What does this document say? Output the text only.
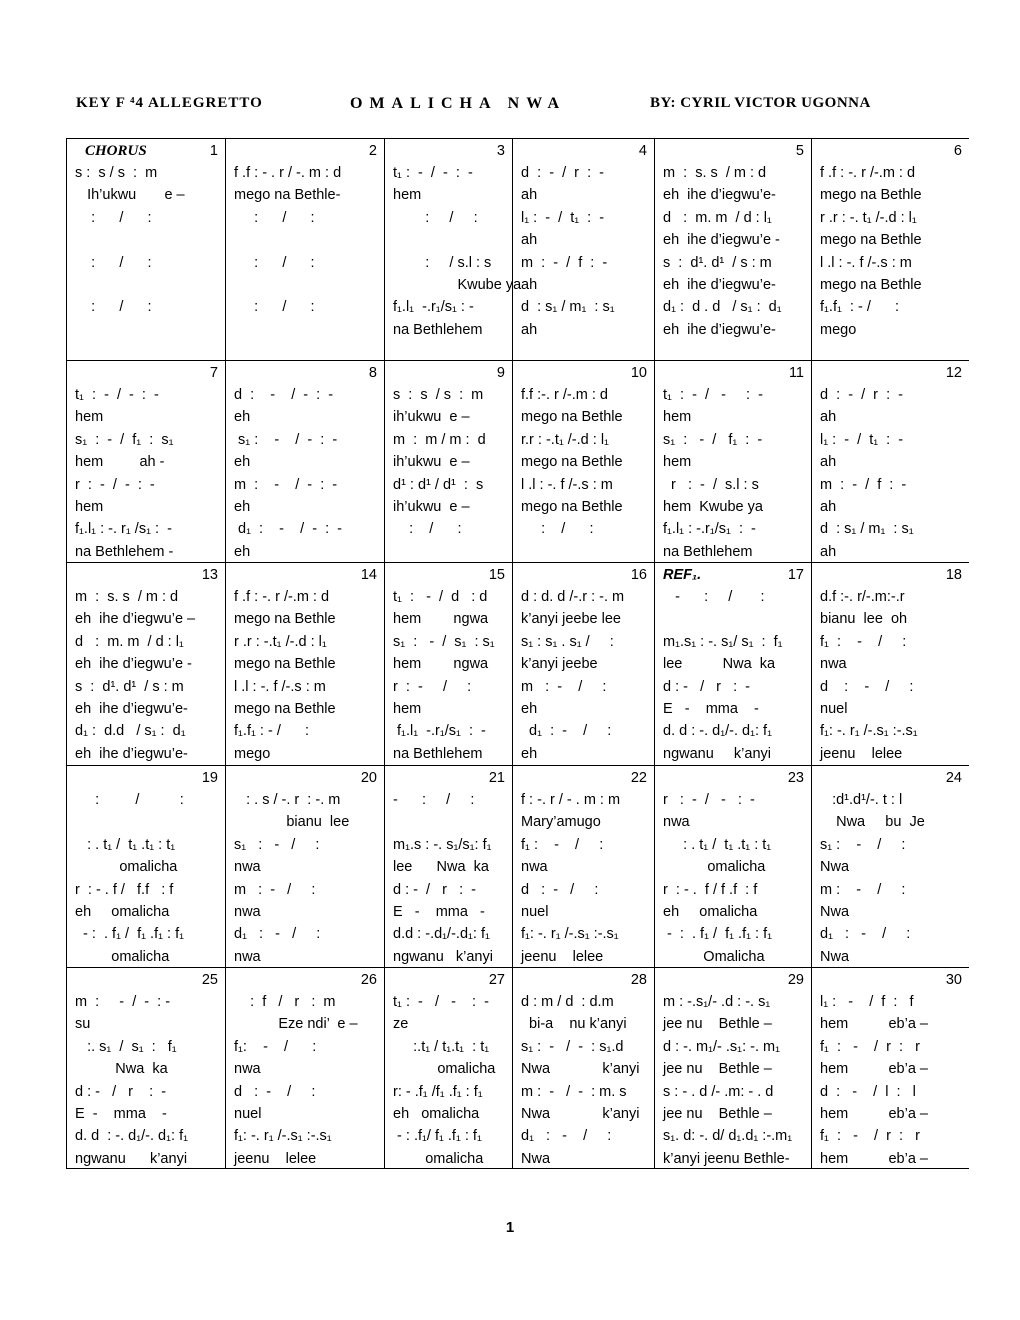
KEY F ⁴4 ALLEGRETTO	OMALICHA NWA	BY: CYRIL VICTOR UGONNA
CHORUS	1
s :  s / s  :  m
Ih’ukwu       e –
:      /      :
:      /      :
:      /      :
2
f .f : - . r / -. m : d
mego na Bethle-
:      /      :
:      /      :
:      /      :
3
t₁ :  -  /  -  :  -
hem
:     /     :
:     / s.l : s
Kwube ya
f₁.l₁  -.r₁/s₁ : -
na Bethlehem
4
d  :  -  /  r  :  -
ah
l₁ :  -  /  t₁  :  -
ah
m  :  -  /  f  :  -
ah
d  : s₁ / m₁  : s₁
ah
5
m  :  s. s  / m : d
eh  ihe d’iegwu’e-
d   :  m. m  / d : l₁
eh  ihe d’iegwu’e -
s  :  d¹. d¹  / s : m
eh  ihe d’iegwu’e-
d₁ :  d . d   / s₁ :  d₁
eh  ihe d’iegwu’e-
6
f .f : -. r /-.m : d
mego na Bethle
r .r : -. t₁ /-.d : l₁
mego na Bethle
l .l : -. f /-.s : m
mego na Bethle
f₁.f₁  : - /      :
mego
7
t₁  :  -  /  -  :  -
hem
s₁  :  -  /  f₁  :  s₁
hem         ah -
r  :  -  /  -  :  -
hem
f₁.l₁ : -. r₁ /s₁ :  -
na Bethlehem -
8
d  :    -    /  -  :  -
eh
s₁ :    -    /  -  :  -
eh
m  :    -    /  -  :  -
eh
d₁  :    -    /  -  :  -
eh
9
s  :  s  / s  :  m
ih’ukwu  e –
m  :  m / m :  d
ih’ukwu  e –
d¹ : d¹ / d¹  :  s
ih’ukwu  e –
:    /      :
10
f.f :-. r /-.m : d
mego na Bethle
r.r : -.t₁ /-.d : l₁
mego na Bethle
l .l : -. f /-.s : m
mego na Bethle
:    /      :
11
t₁  :  -  /   -     :  -
hem
s₁  :   -  /   f₁  :  -
hem
r   :  -  /  s.l : s
hem  Kwube ya
f₁.l₁ : -.r₁/s₁  :  -
na Bethlehem
12
d  :  -  /  r  :  -
ah
l₁ :  -  /  t₁  :  -
ah
m  :  -  /  f  :  -
ah
d  : s₁ / m₁  : s₁
ah
13
m  :  s. s  / m : d
eh  ihe d’iegwu’e –
d   :  m. m  / d : l₁
eh  ihe d’iegwu’e -
s  :  d¹. d¹  / s : m
eh  ihe d’iegwu’e-
d₁ :  d.d   / s₁ :  d₁
eh  ihe d’iegwu’e-
14
f .f : -. r /-.m : d
mego na Bethle
r .r : -.t₁ /-.d : l₁
mego na Bethle
l .l : -. f /-.s : m
mego na Bethle
f₁.f₁ : - /      :
mego
15
t₁  :   -  /  d   : d
hem        ngwa
s₁  :   -  /  s₁  : s₁
hem        ngwa
r  :  -     /     :
hem
f₁.l₁  -.r₁/s₁  :  -
na Bethlehem
16
d : d. d /-.r : -. m
k’anyi jeebe lee
s₁ : s₁ . s₁ /     :
k’anyi jeebe
m   :  -    /     :
eh
d₁  :  -    /     :
eh
REF₁.	17
-      :     /       :
m₁.s₁ : -. s₁/ s₁  :  f₁
lee          Nwa  ka
d : -   /   r   :  -
E   -    mma    -
d. d : -. d₁/-. d₁: f₁
ngwanu     k’anyi
18
d.f :-. r/-.m:-.r
bianu  lee  oh
f₁  :    -    /     :
nwa
d    :    -    /     :
nuel
f₁: -. r₁ /-.s₁ :-.s₁
jeenu    lelee
19
:         /          :
: . t₁ /  t₁ .t₁ : t₁
omalicha
r  : - . f /   f.f   : f
eh     omalicha
- :  . f₁ /  f₁ .f₁ : f₁
omalicha
20
: . s / -. r  : -. m
bianu  lee
s₁   :   -   /     :
nwa
m   :  -   /     :
nwa
d₁   :   -   /     :
nwa
21
-      :     /     :
m₁.s : -. s₁/s₁: f₁
lee      Nwa  ka
d : -  /   r   :  -
E   -    mma   -
d.d : -.d₁/-.d₁: f₁
ngwanu   k’anyi
22
f : -. r / - . m : m
Mary’amugo
f₁ :    -    /     :
nwa
d   :  -   /     :
nuel
f₁: -. r₁ /-.s₁ :-.s₁
jeenu    lelee
23
r   :  -  /   -   :  -
nwa
: . t₁ /  t₁ .t₁ : t₁
omalicha
r  : - .  f / f .f  : f
eh     omalicha
-  :  . f₁ /  f₁ .f₁ : f₁
Omalicha
24
:d¹.d¹/-. t : l
Nwa     bu  Je
s₁ :    -    /     :
Nwa
m :    -    /     :
Nwa
d₁   :   -    /     :
Nwa
25
m  :     -  /  -  : -
su
:. s₁  /  s₁  :   f₁
Nwa  ka
d : -   /   r    :  -
E  -    mma    -
d. d  : -. d₁/-. d₁: f₁
ngwanu      k’anyi
26
:  f   /   r   :  m
Eze ndi’  e –
f₁:    -    /      :
nwa
d   :  -    /     :
nuel
f₁: -. r₁ /-.s₁ :-.s₁
jeenu    lelee
27
t₁ :  -   /   -    :  -
ze
:.t₁ / t₁.t₁  : t₁
omalicha
r: - .f₁ /f₁ .f₁ : f₁
eh   omalicha
- : .f₁/ f₁ .f₁ : f₁
omalicha
28
d : m / d  : d.m
bi-a    nu k’anyi
s₁ :  -   /  -  : s₁.d
Nwa             k’anyi
m :  -   /  -  : m. s
Nwa             k’anyi
d₁   :   -    /     :
Nwa
29
m : -.s₁/- .d : -. s₁
jee nu    Bethle –
d : -. m₁/- .s₁: -. m₁
jee nu    Bethle –
s : - . d /- .m: - . d
jee nu    Bethle –
s₁. d: -. d/ d₁.d₁ :-.m₁
k’anyi jeenu Bethle-
30
l₁ :   -    /  f  :   f
hem          eb’a –
f₁  :   -    /  r  :   r
hem          eb’a –
d  :   -    /  l  :   l
hem          eb’a –
f₁  :   -    /  r  :   r
hem          eb’a –
1
